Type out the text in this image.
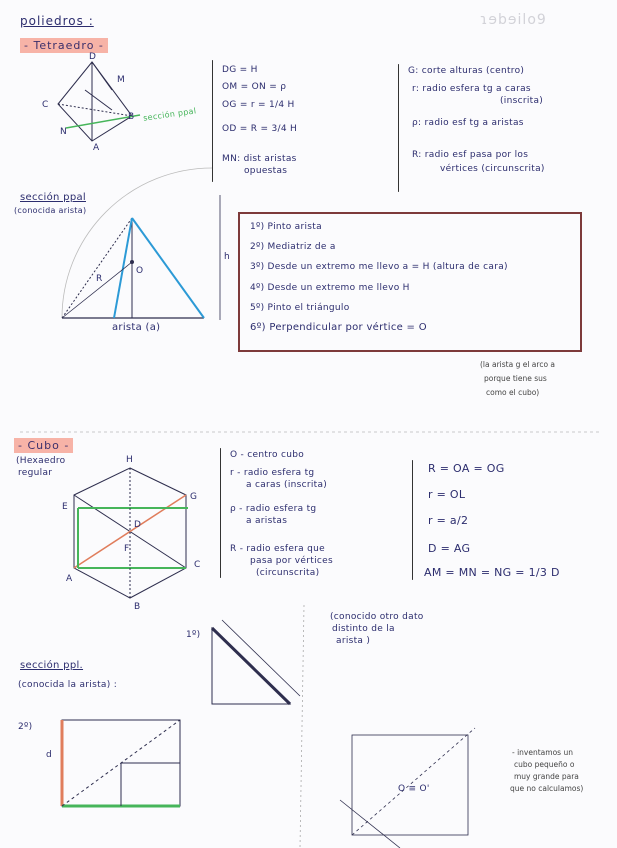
poliedros :	ɿɘbɘilo9
- Tetraedro -
D
M
C
B
N
A
sección ppal
DG = H
OM = ON = ρ
OG = r = 1/4 H
OD = R = 3/4 H
MN: dist aristas
opuestas
G: corte alturas (centro)
r: radio esfera tg a caras
(inscrita)
ρ: radio esf tg a aristas
R: radio esf pasa por los
vértices (circunscrita)
sección ppal
(conocida arista)
arista (a)
h
O
R
1º) Pinto arista
2º) Mediatriz de a
3º) Desde un extremo me llevo a = H (altura de cara)
4º) Desde un extremo me llevo H
5º) Pinto el triángulo
6º) Perpendicular por vértice = O
(la arista g el arco a
porque tiene sus
como el cubo)
- Cubo -
(Hexaedro
regular
H
E
G
A
C
B
F
D
O - centro cubo
r - radio esfera tg
a caras (inscrita)
ρ - radio esfera tg
a aristas
R - radio esfera que
pasa por vértices
(circunscrita)
R = OA = OG
r = OL
r = a/2
D = AG
AM = MN = NG = 1/3 D
sección ppl.
(conocida la arista) :
1º)
2º)
d
(conocido otro dato
distinto de la
arista )
- inventamos un
cubo pequeño o
muy grande para
que no calculamos)
O ≡ O'
